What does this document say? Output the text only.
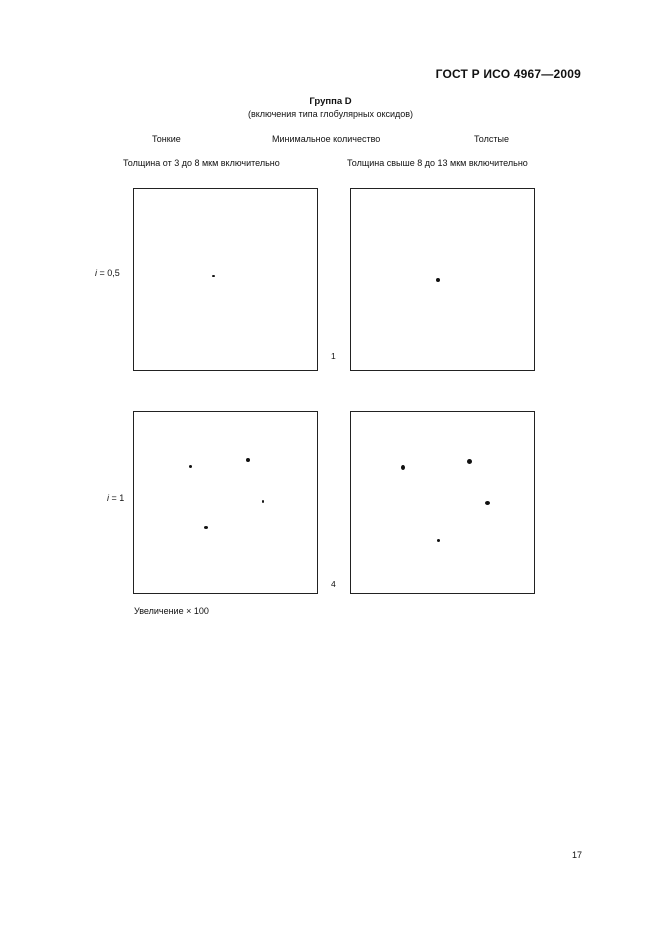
ГОСТ Р ИСО 4967—2009
Группа D
(включения типа глобулярных оксидов)
Тонкие	Минимальное количество	Толстые
Толщина от 3 до 8 мкм включительно	Толщина свыше 8 до 13 мкм включительно
i = 0,5
1
i = 1
4
Увеличение × 100
17
